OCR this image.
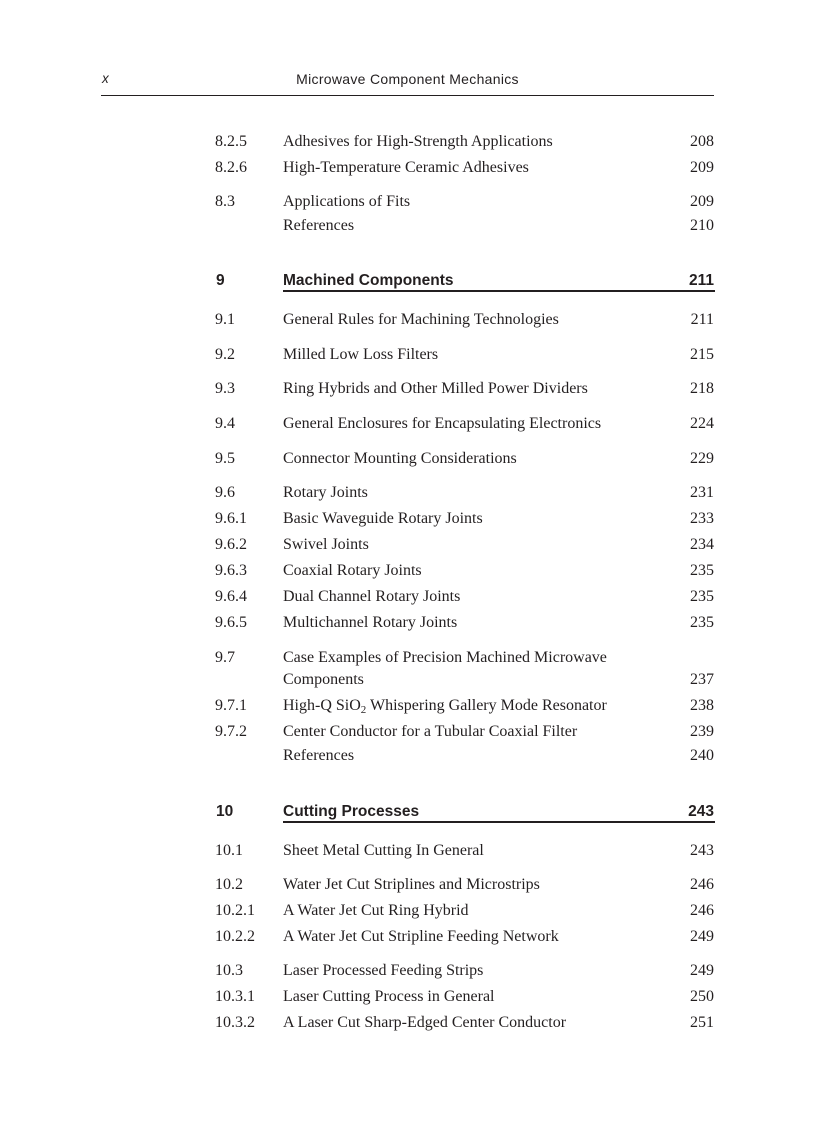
x	Microwave Component Mechanics
8.2.5 Adhesives for High-Strength Applications	208
8.2.6 High-Temperature Ceramic Adhesives	209
8.3	Applications of Fits	209
References	210
9	Machined Components	211
9.1	General Rules for Machining Technologies	211
9.2	Milled Low Loss Filters	215
9.3	Ring Hybrids and Other Milled Power Dividers	218
9.4	General Enclosures for Encapsulating Electronics	224
9.5	Connector Mounting Considerations	229
9.6	Rotary Joints	231
9.6.1 Basic Waveguide Rotary Joints	233
9.6.2 Swivel Joints	234
9.6.3 Coaxial Rotary Joints	235
9.6.4 Dual Channel Rotary Joints	235
9.6.5 Multichannel Rotary Joints	235
9.7	Case Examples of Precision Machined Microwave
Components	237
9.7.1 High-Q SiO$_2$ Whispering Gallery Mode Resonator	238
9.7.2 Center Conductor for a Tubular Coaxial Filter	239
References	240
10	Cutting Processes	243
10.1	Sheet Metal Cutting In General	243
10.2	Water Jet Cut Striplines and Microstrips	246
10.2.1 A Water Jet Cut Ring Hybrid	246
10.2.2 A Water Jet Cut Stripline Feeding Network	249
10.3	Laser Processed Feeding Strips	249
10.3.1 Laser Cutting Process in General	250
10.3.2 A Laser Cut Sharp-Edged Center Conductor	251
